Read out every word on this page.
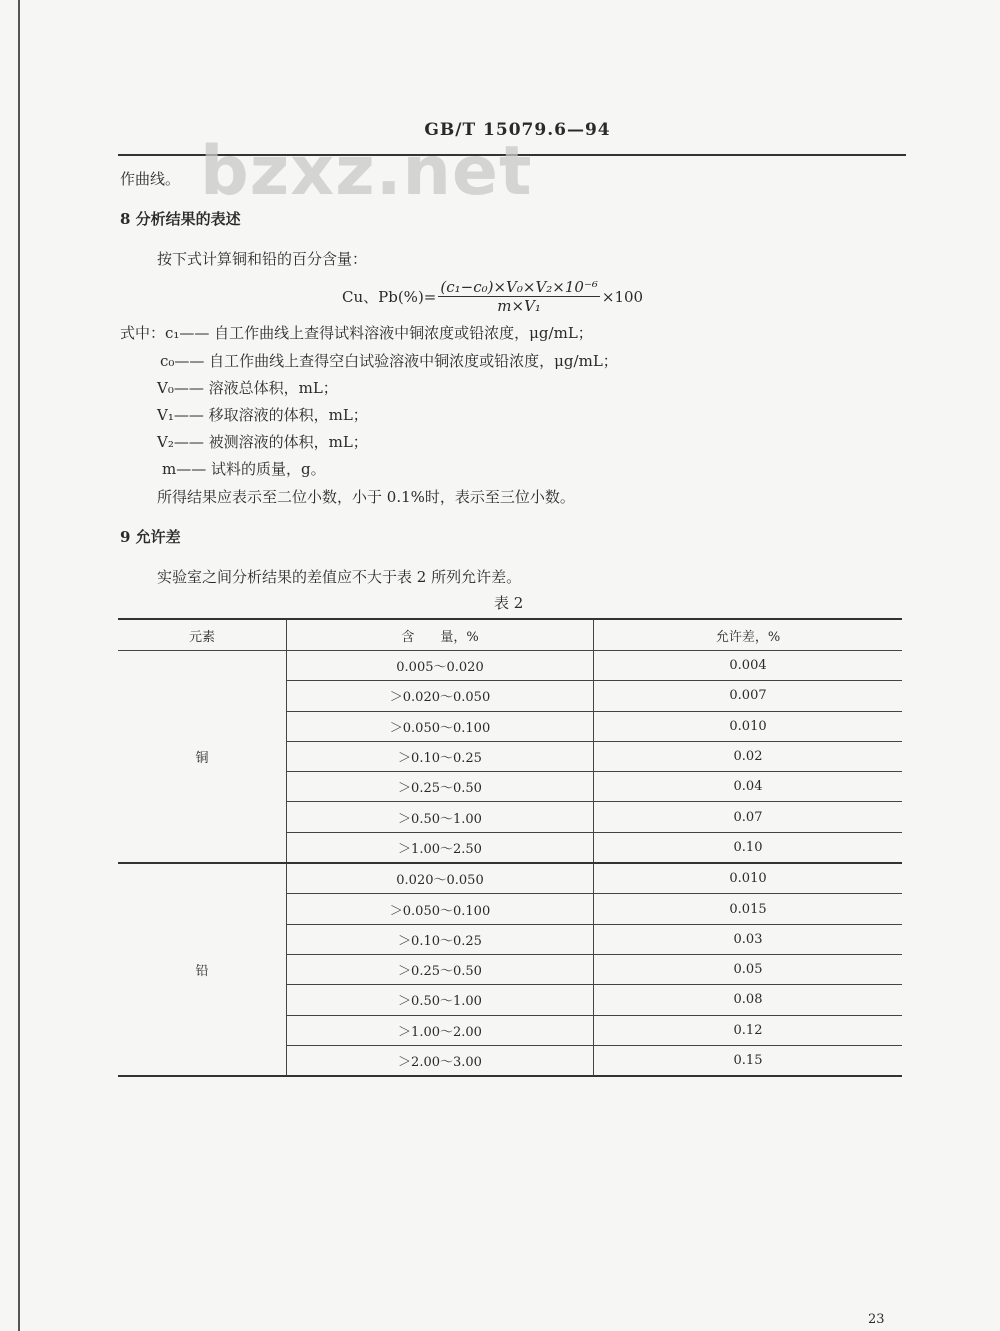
GB/T 15079.6—94
bzxz.net
作曲线。
8 分析结果的表述
按下式计算铜和铅的百分含量：
Cu、$Pb(\%)= \frac{\text{(c₁−c₀)×V₀×V₂×10⁻⁶}}{\text{m×V₁}} \times 100$
式中：c₁—— 自工作曲线上查得试料溶液中铜浓度或铅浓度，μg/mL；
c₀—— 自工作曲线上查得空白试验溶液中铜浓度或铅浓度，μg/mL；
V₀—— 溶液总体积，mL；
V₁—— 移取溶液的体积，mL；
V₂—— 被测溶液的体积，mL；
m—— 试料的质量，g。
所得结果应表示至二位小数，小于 0.1%时，表示至三位小数。
9 允许差
实验室之间分析结果的差值应不大于表 2 所列允许差。
表 2
元素	含　　量，%	允许差，%
铜	0.005～0.020	0.004
	＞0.020～0.050	0.007
	＞0.050～0.100	0.010
	＞0.10～0.25	0.02
	＞0.25～0.50	0.04
	＞0.50～1.00	0.07
	＞1.00～2.50	0.10
铅	0.020～0.050	0.010
	＞0.050～0.100	0.015
	＞0.10～0.25	0.03
	＞0.25～0.50	0.05
	＞0.50～1.00	0.08
	＞1.00～2.00	0.12
	＞2.00～3.00	0.15
23
